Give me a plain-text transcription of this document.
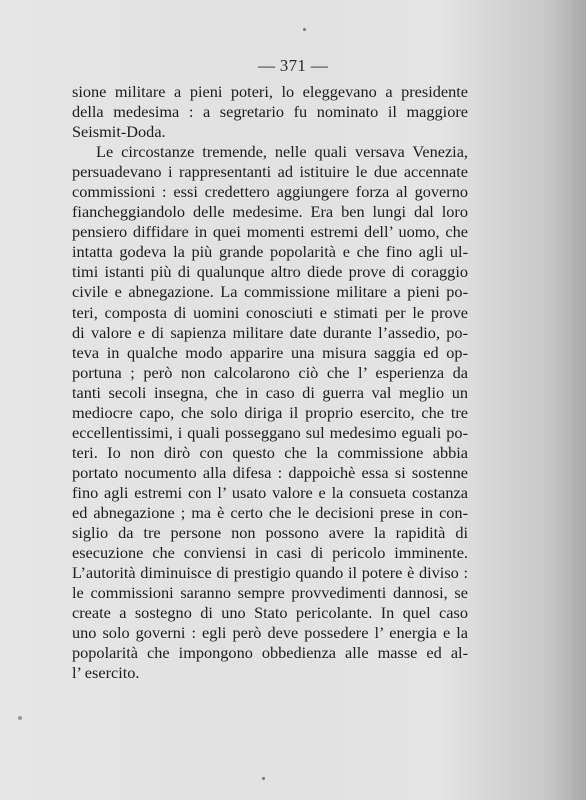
— 371 —
sione militare a pieni poteri, lo eleggevano a presidente
della medesima : a segretario fu nominato il maggiore
Seismit-Doda.
Le circostanze tremende, nelle quali versava Venezia,
persuadevano i rappresentanti ad istituire le due accennate
commissioni : essi credettero aggiungere forza al governo
fiancheggiandolo delle medesime. Era ben lungi dal loro
pensiero diffidare in quei momenti estremi dell’ uomo, che
intatta godeva la più grande popolarità e che fino agli ul-
timi istanti più di qualunque altro diede prove di coraggio
civile e abnegazione. La commissione militare a pieni po-
teri, composta di uomini conosciuti e stimati per le prove
di valore e di sapienza militare date durante l’assedio, po-
teva in qualche modo apparire una misura saggia ed op-
portuna ; però non calcolarono ciò che l’ esperienza da
tanti secoli insegna, che in caso di guerra val meglio un
mediocre capo, che solo diriga il proprio esercito, che tre
eccellentissimi, i quali posseggano sul medesimo eguali po-
teri. Io non dirò con questo che la commissione abbia
portato nocumento alla difesa : dappoichè essa si sostenne
fino agli estremi con l’ usato valore e la consueta costanza
ed abnegazione ; ma è certo che le decisioni prese in con-
siglio da tre persone non possono avere la rapidità di
esecuzione che conviensi in casi di pericolo imminente.
L’autorità diminuisce di prestigio quando il potere è diviso :
le commissioni saranno sempre provvedimenti dannosi, se
create a sostegno di uno Stato pericolante. In quel caso
uno solo governi : egli però deve possedere l’ energia e la
popolarità che impongono obbedienza alle masse ed al-
l’ esercito.
